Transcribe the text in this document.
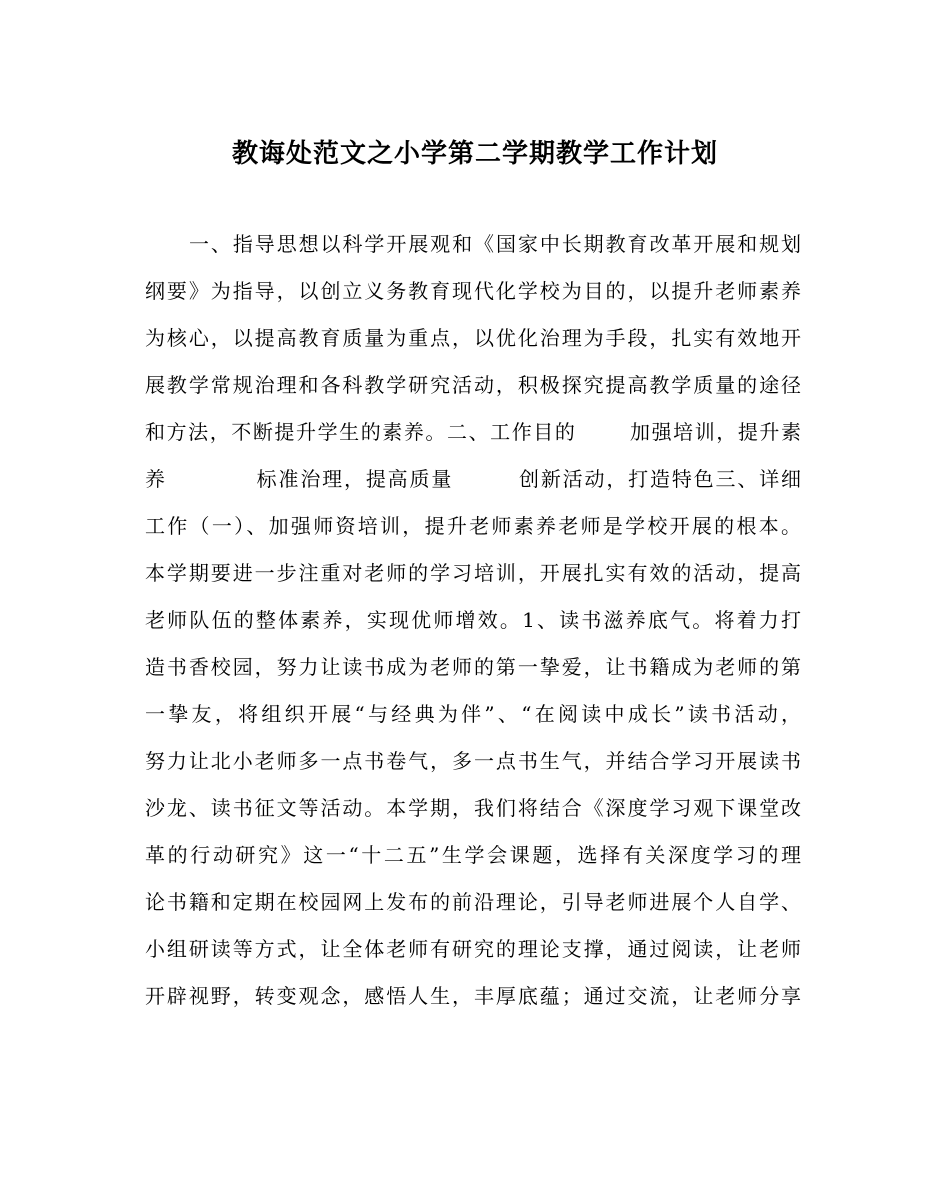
教诲处范文之小学第二学期教学工作计划
一、指导思想以科学开展观和《国家中长期教育改革开展和规划
纲要》为指导，以创立义务教育现代化学校为目的，以提升老师素养
为核心，以提高教育质量为重点，以优化治理为手段，扎实有效地开
展教学常规治理和各科教学研究活动，积极探究提高教学质量的途径
和方法，不断提升学生的素养。二、工作目的	加强培训，提升素
养	标准治理，提高质量	创新活动，打造特色三、详细
工作（一）、加强师资培训，提升老师素养老师是学校开展的根本。
本学期要进一步注重对老师的学习培训，开展扎实有效的活动，提高
老师队伍的整体素养，实现优师增效。1、读书滋养底气。将着力打
造书香校园，努力让读书成为老师的第一挚爱，让书籍成为老师的第
一挚友，将组织开展“与经典为伴”、“在阅读中成长”读书活动，
努力让北小老师多一点书卷气，多一点书生气，并结合学习开展读书
沙龙、读书征文等活动。本学期，我们将结合《深度学习观下课堂改
革的行动研究》这一“十二五”生学会课题，选择有关深度学习的理
论书籍和定期在校园网上发布的前沿理论，引导老师进展个人自学、
小组研读等方式，让全体老师有研究的理论支撑，通过阅读，让老师
开辟视野，转变观念，感悟人生，丰厚底蕴；通过交流，让老师分享
